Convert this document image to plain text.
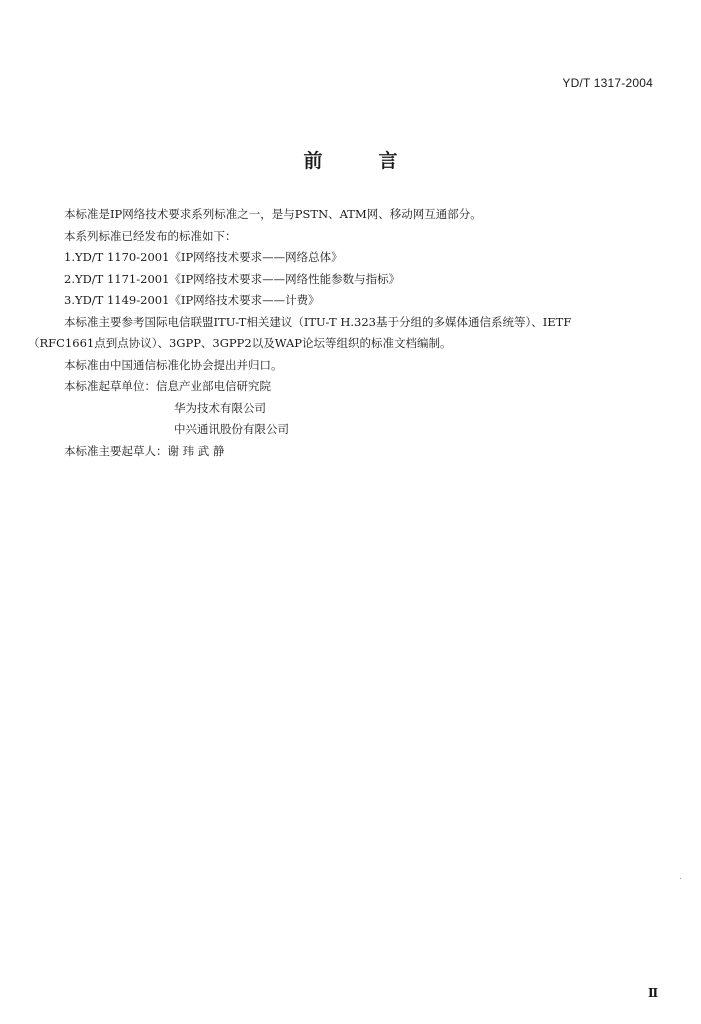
YD/T 1317-2004
前言

本标准是IP网络技术要求系列标准之一，是与PSTN、ATM网、移动网互通部分。

本系列标准已经发布的标准如下：

1.YD/T 1170-2001《IP网络技术要求——网络总体》

2.YD/T 1171-2001《IP网络技术要求——网络性能参数与指标》

3.YD/T 1149-2001《IP网络技术要求——计费》

本标准主要参考国际电信联盟ITU-T相关建议（ITU-T H.323基于分组的多媒体通信系统等）、IETF

（RFC1661点到点协议）、3GPP、3GPP2以及WAP论坛等组织的标准文档编制。

本标准由中国通信标准化协会提出并归口。

本标准起草单位：信息产业部电信研究院

华为技术有限公司

中兴通讯股份有限公司

本标准主要起草人：谢 玮 武 静

Ⅱ
